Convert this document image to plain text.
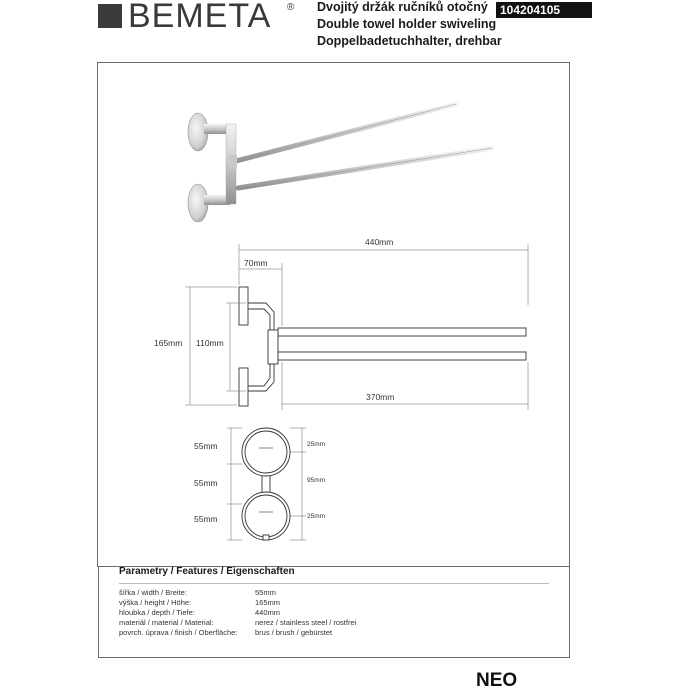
BEMETA ® Dvojitý držák ručníků otočný	104204105
Double towel holder swiveling
Doppelbadetuchhalter, drehbar
440mm
70mm
370mm
165mm 110mm
55mm
55mm
55mm
25mm
95mm
25mm
Parametry / Features / Eigenschaften
šířka / width / Breite:	55mm
výška / height / Höhe:	165mm
hloubka / depth / Tiefe:	440mm
materiál / material / Material:	nerez / stainless steel / rostfrei
povrch. úprava / finish / Oberfläche: brus / brush / gebürstet
NEO
